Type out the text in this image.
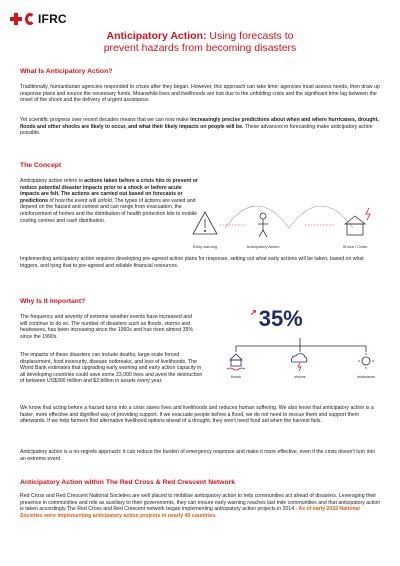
IFRC
Anticipatory Action: Using forecasts to
prevent hazards from becoming disasters
What Is Anticipatory Action?
Traditionally, humanitarian agencies responded to crises after they began. However, this approach can take time: agencies must assess needs, then draw up response plans and source the necessary funds. Meanwhile lives and livelihoods are lost due to the unfolding crisis and the significant time lag between the onset of the shock and the delivery of urgent assistance.
Yet scientific progress over recent decades means that we can now make increasingly precise predictions about when and where hurricanes, drought, floods and other shocks are likely to occur, and what their likely impacts on people will be. These advances in forecasting make anticipatory action possible.
The Concept
Anticipatory action refers to actions taken before a crisis hits to prevent or reduce potential disaster impacts prior to a shock or before acute impacts are felt. The actions are carried out based on forecasts or predictions of how the event will unfold. The types of actions are varied and depend on the hazard and context and can range from evacuation, the reinforcement of homes and the distribution of health protection kits to mobile cooling centres and cash distribution.
Early warning	Anticipatory Action	Shock / Crisis
Implementing anticipatory action requires developing pre-agreed action plans for response, setting out what early actions will be taken, based on what triggers, and tying that to pre-agreed and reliable financial resources.
Why Is It Important?
The frequency and severity of extreme weather events have increased and will continue to do so. The number of disasters such as floods, storms and heatwaves, has been increasing since the 1960s and has risen almost 35% since the 1990s.
↗ 35%
floods	storms	heatwaves
The impacts of these disasters can include deaths, large-scale forced displacement, food insecurity, disease outbreaks, and loss of livelihoods. The World Bank estimates that upgrading early warning and early action capacity in all developing countries could save some 23,000 lives and avert the destruction of between US$300 million and $2 billion in assets every year.
We know that acting before a hazard turns into a crisis saves lives and livelihoods and reduces human suffering. We also know that anticipatory action is a faster, more effective and dignified way of providing support. If we evacuate people before a flood, we do not need to rescue them and support them afterwards. If we help farmers find alternative livelihood options ahead of a drought, they won't need food aid when the harvest fails.
Anticipatory action is a no-regrets approach: it can reduce the burden of emergency response and make it more effective, even if the crisis doesn't turn into an extreme event.
Anticipatory Action within The Red Cross & Red Crescent Network
Red Cross and Red Crescent National Societies are well placed to mobilise anticipatory action to help communities act ahead of disasters. Leveraging their presence in communities and role as auxiliary to their governments, they can ensure early warning reaches last mile communities and that anticipatory action is taken accordingly The Red Cross and Red Crescent network began implementing anticipatory action projects in 2014.. As of early 2022 National Societies were implementing anticipatory action projects in nearly 40 countries.
